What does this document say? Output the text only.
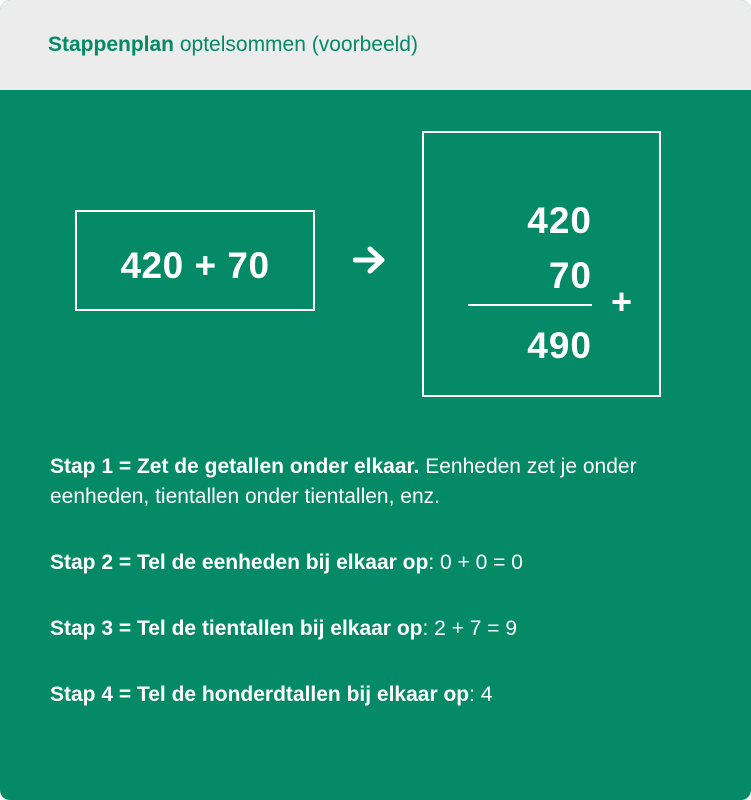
Stappenplan optelsommen (voorbeeld)
420 + 70
420
70
+
490
Stap 1 = Zet de getallen onder elkaar. Eenheden zet je onder eenheden, tientallen onder tientallen, enz.
Stap 2 = Tel de eenheden bij elkaar op: 0 + 0 = 0
Stap 3 = Tel de tientallen bij elkaar op: 2 + 7 = 9
Stap 4 = Tel de honderdtallen bij elkaar op: 4
